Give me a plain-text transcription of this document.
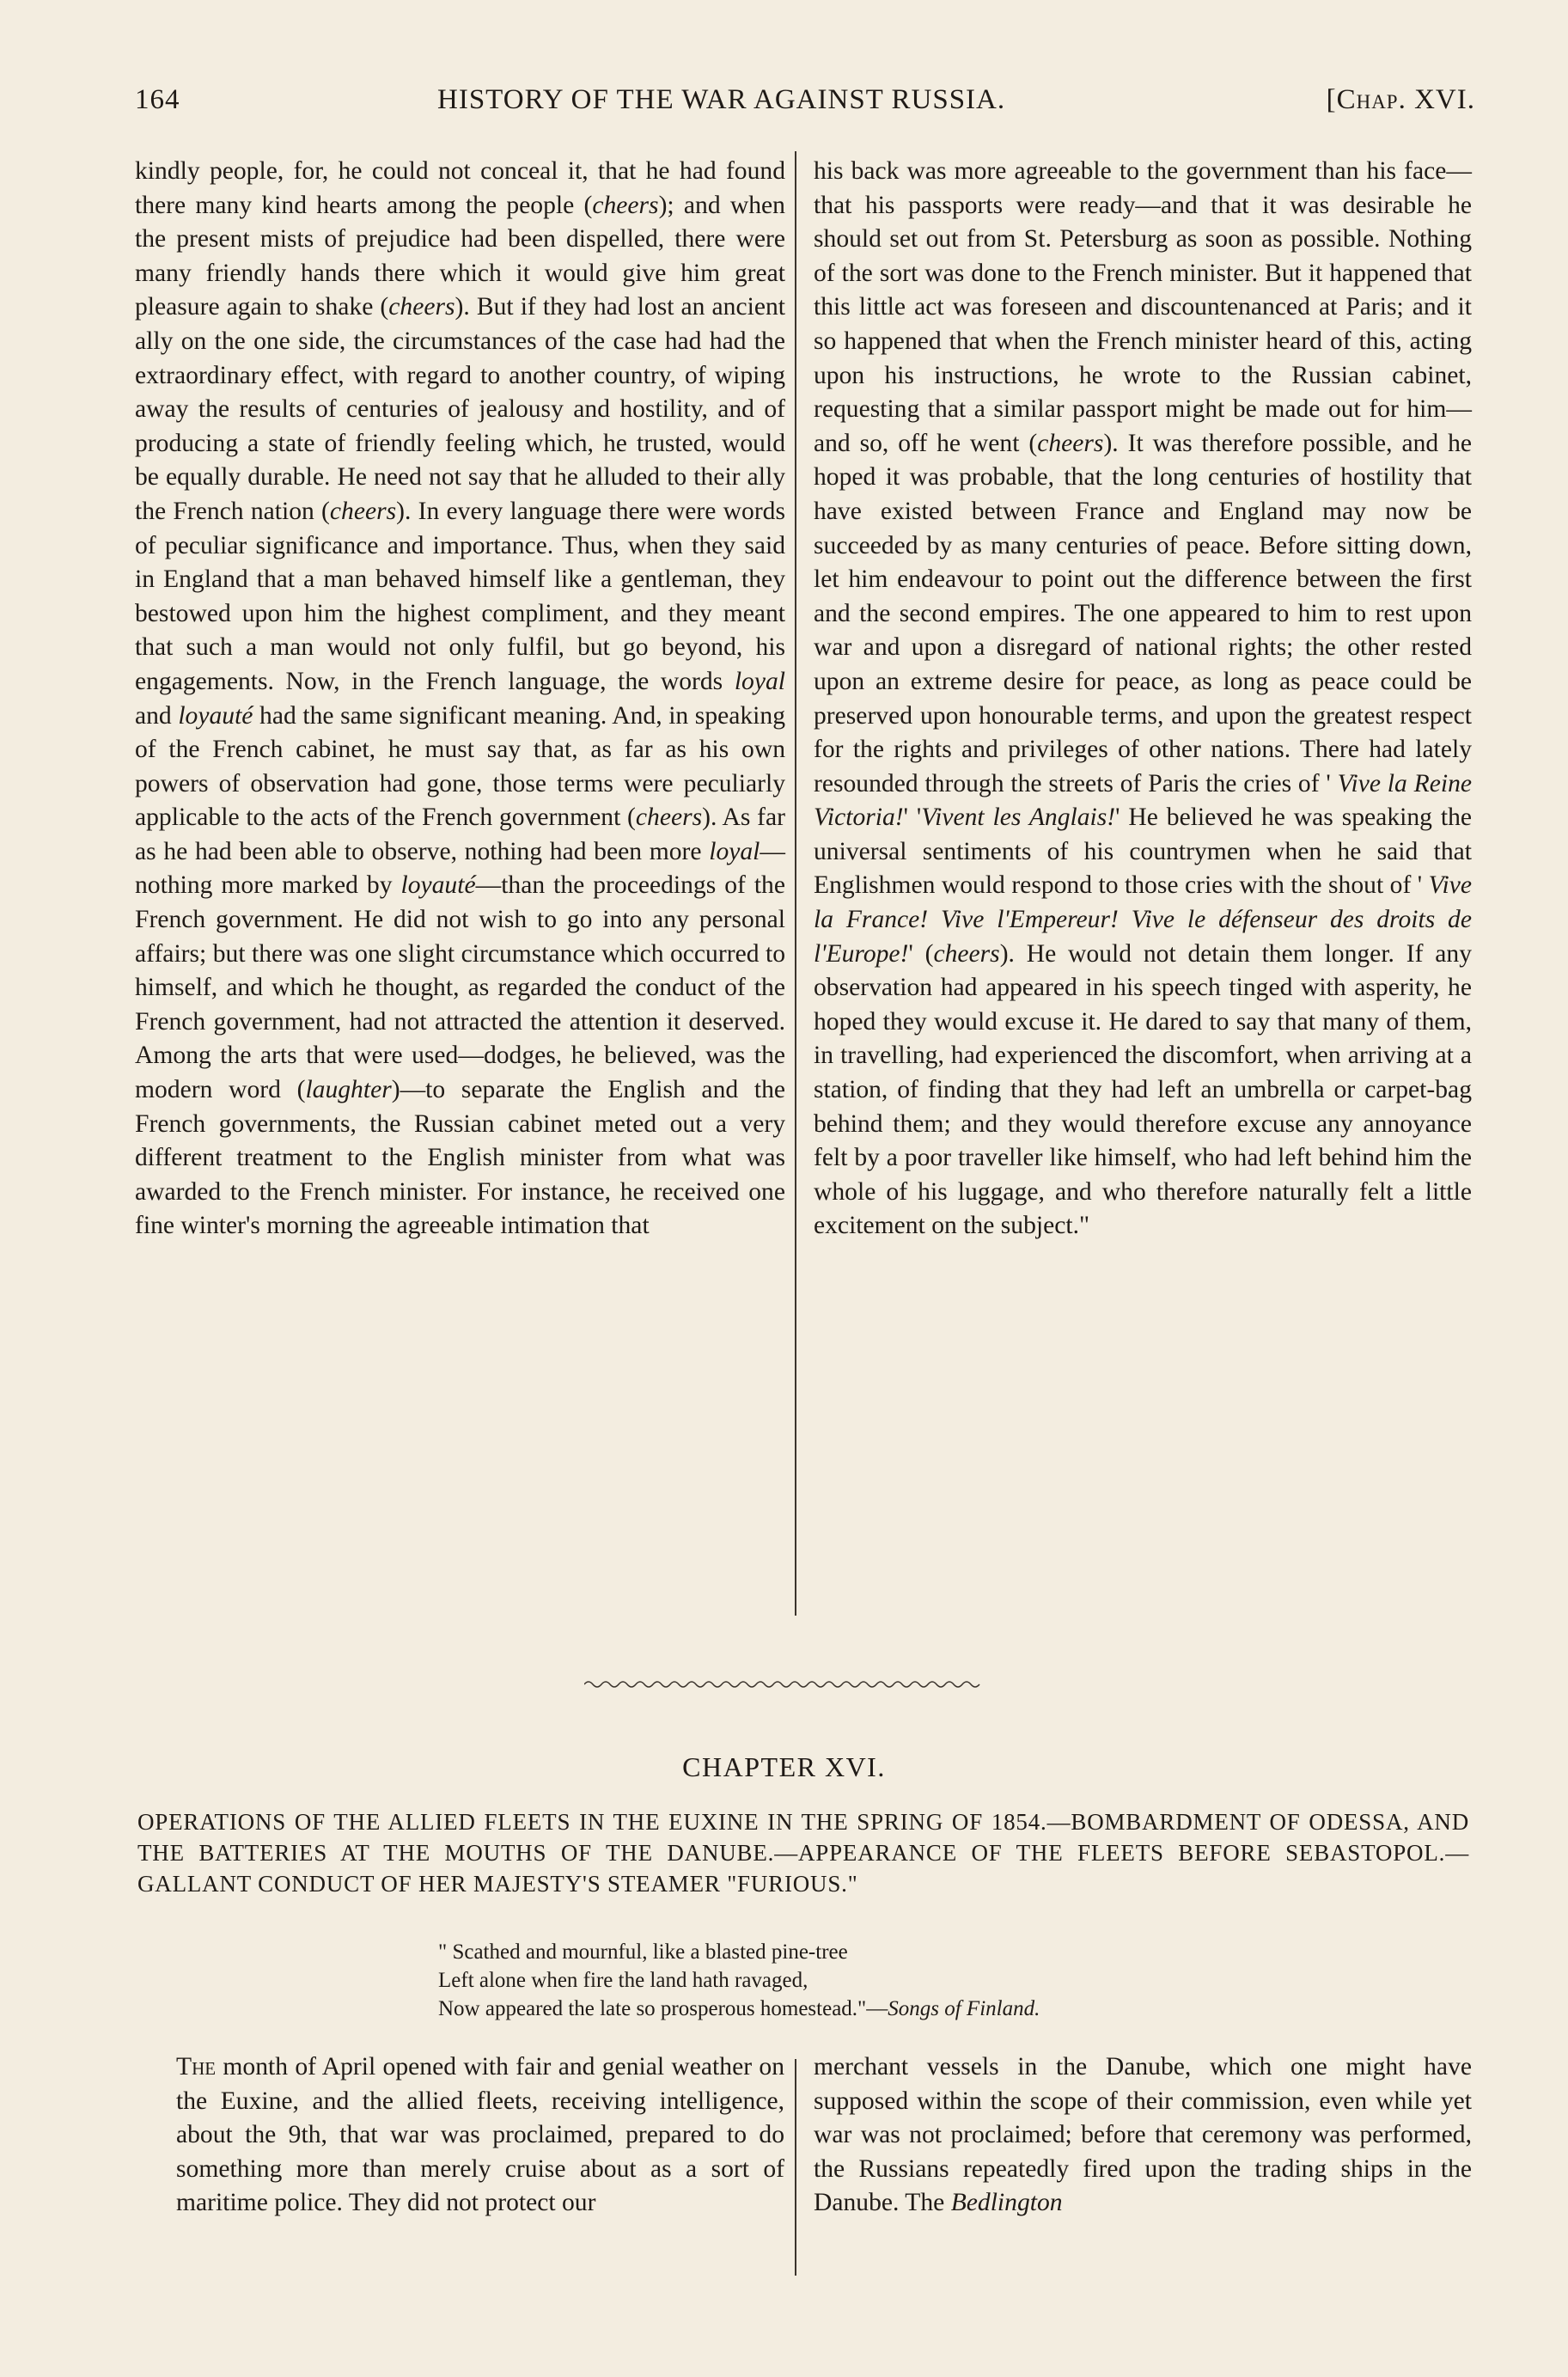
164	HISTORY OF THE WAR AGAINST RUSSIA.	[Chap. XVI.

kindly people, for, he could not conceal it, that he had found there many kind hearts among the people (cheers); and when the present mists of prejudice had been dispelled, there were many friendly hands there which it would give him great pleasure again to shake (cheers). But if they had lost an ancient ally on the one side, the circumstances of the case had had the extraordinary effect, with regard to another country, of wiping away the results of centuries of jealousy and hostility, and of producing a state of friendly feeling which, he trusted, would be equally durable. He need not say that he alluded to their ally the French nation (cheers). In every language there were words of peculiar significance and importance. Thus, when they said in England that a man behaved himself like a gentleman, they bestowed upon him the highest compliment, and they meant that such a man would not only fulfil, but go beyond, his engagements. Now, in the French language, the words loyal and loyauté had the same significant meaning. And, in speaking of the French cabinet, he must say that, as far as his own powers of observation had gone, those terms were peculiarly applicable to the acts of the French government (cheers). As far as he had been able to observe, nothing had been more loyal—nothing more marked by loyauté—than the proceedings of the French government. He did not wish to go into any personal affairs; but there was one slight circumstance which occurred to himself, and which he thought, as regarded the conduct of the French government, had not attracted the attention it deserved. Among the arts that were used—dodges, he believed, was the modern word (laughter)—to separate the English and the French governments, the Russian cabinet meted out a very different treatment to the English minister from what was awarded to the French minister. For instance, he received one fine winter's morning the agreeable intimation that

his back was more agreeable to the government than his face—that his passports were ready—and that it was desirable he should set out from St. Petersburg as soon as possible. Nothing of the sort was done to the French minister. But it happened that this little act was foreseen and discountenanced at Paris; and it so happened that when the French minister heard of this, acting upon his instructions, he wrote to the Russian cabinet, requesting that a similar passport might be made out for him—and so, off he went (cheers). It was therefore possible, and he hoped it was probable, that the long centuries of hostility that have existed between France and England may now be succeeded by as many centuries of peace. Before sitting down, let him endeavour to point out the difference between the first and the second empires. The one appeared to him to rest upon war and upon a disregard of national rights; the other rested upon an extreme desire for peace, as long as peace could be preserved upon honourable terms, and upon the greatest respect for the rights and privileges of other nations. There had lately resounded through the streets of Paris the cries of ' Vive la Reine Victoria!' 'Vivent les Anglais!' He believed he was speaking the universal sentiments of his countrymen when he said that Englishmen would respond to those cries with the shout of ' Vive la France! Vive l'Empereur! Vive le défenseur des droits de l'Europe!' (cheers). He would not detain them longer. If any observation had appeared in his speech tinged with asperity, he hoped they would excuse it. He dared to say that many of them, in travelling, had experienced the discomfort, when arriving at a station, of finding that they had left an umbrella or carpet-bag behind them; and they would therefore excuse any annoyance felt by a poor traveller like himself, who had left behind him the whole of his luggage, and who therefore naturally felt a little excitement on the subject."

CHAPTER XVI.
OPERATIONS OF THE ALLIED FLEETS IN THE EUXINE IN THE SPRING OF 1854.—BOMBARDMENT OF ODESSA, AND THE BATTERIES AT THE MOUTHS OF THE DANUBE.—APPEARANCE OF THE FLEETS BEFORE SEBASTOPOL.—GALLANT CONDUCT OF HER MAJESTY'S STEAMER "FURIOUS."
" Scathed and mournful, like a blasted pine-tree
Left alone when fire the land hath ravaged,
Now appeared the late so prosperous homestead."—Songs of Finland.

The month of April opened with fair and genial weather on the Euxine, and the allied fleets, receiving intelligence, about the 9th, that war was proclaimed, prepared to do something more than merely cruise about as a sort of maritime police. They did not protect our

merchant vessels in the Danube, which one might have supposed within the scope of their commission, even while yet war was not proclaimed; before that ceremony was performed, the Russians repeatedly fired upon the trading ships in the Danube. The Bedlington
